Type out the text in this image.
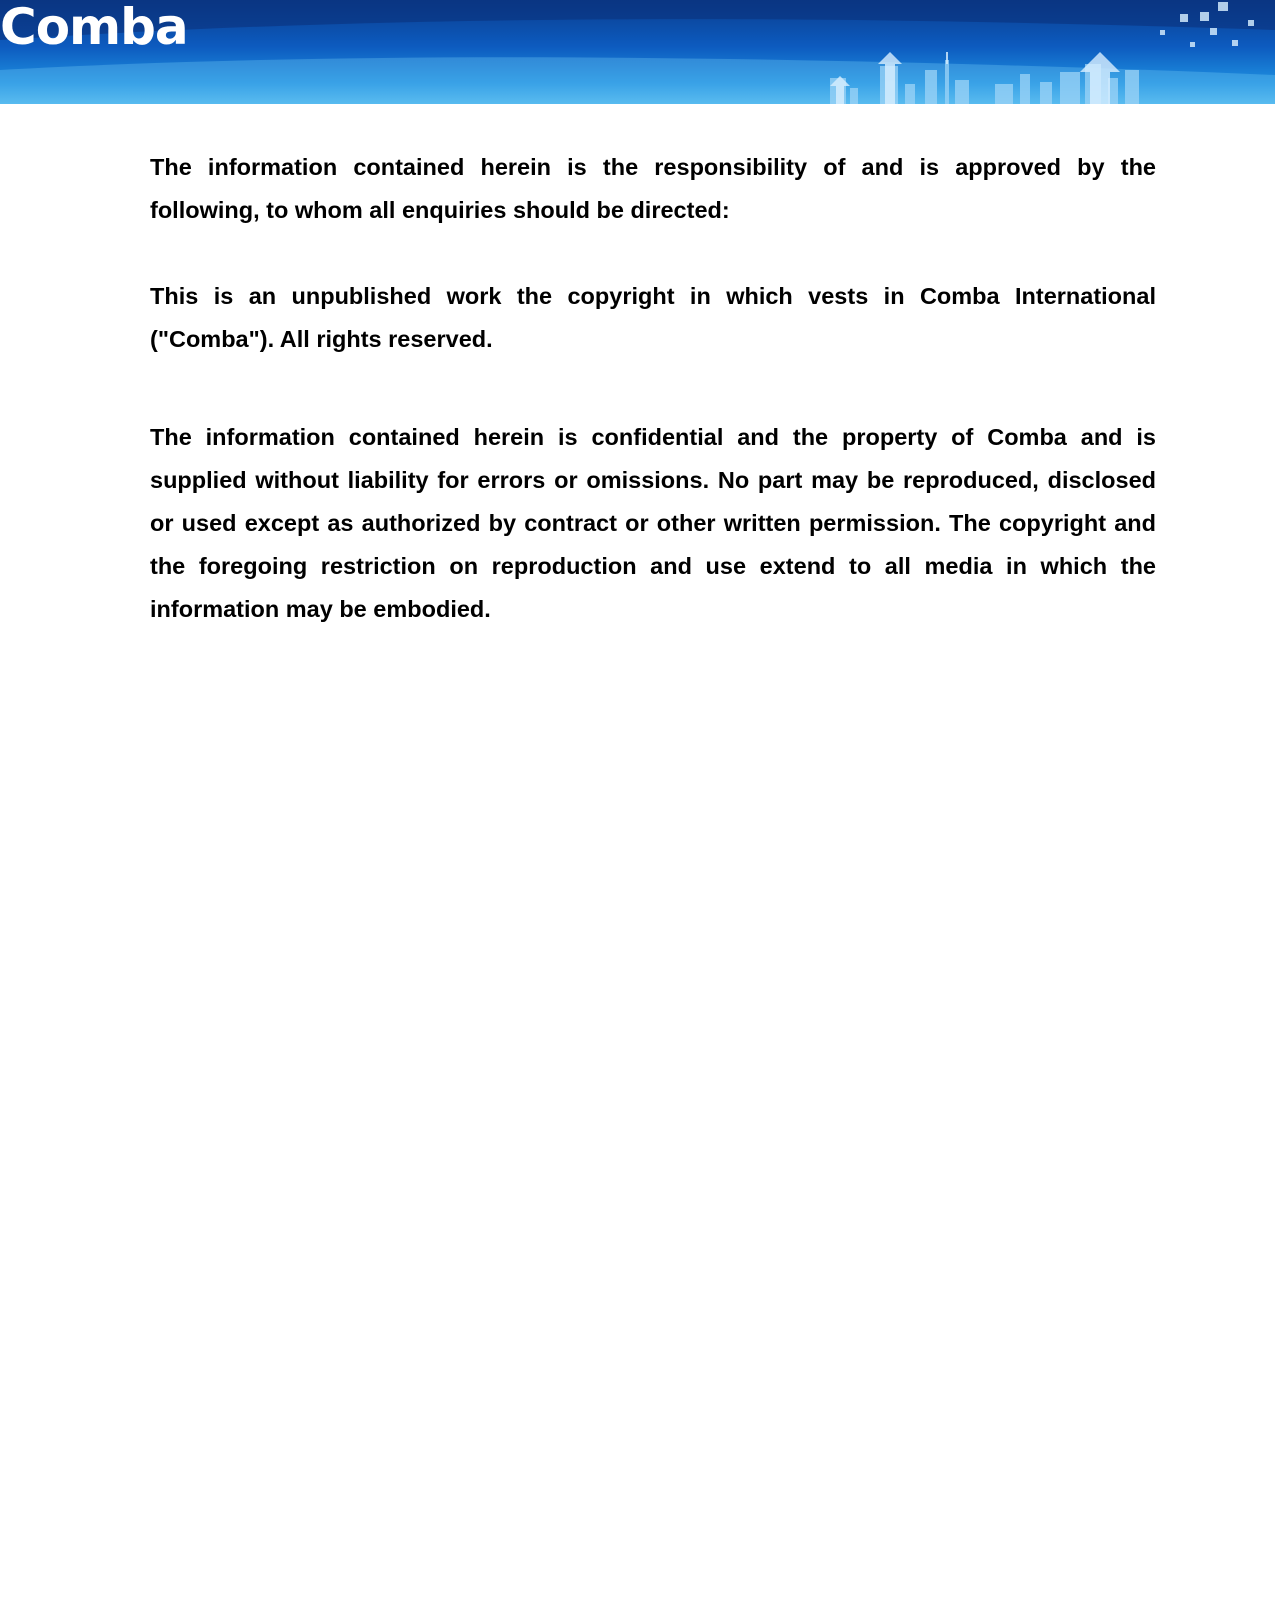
Comba

The information contained herein is the responsibility of and is approved by the following, to whom all enquiries should be directed:

This is an unpublished work the copyright in which vests in Comba International ("Comba"). All rights reserved.

The information contained herein is confidential and the property of Comba and is supplied without liability for errors or omissions. No part may be reproduced, disclosed or used except as authorized by contract or other written permission. The copyright and the foregoing restriction on reproduction and use extend to all media in which the information may be embodied.
